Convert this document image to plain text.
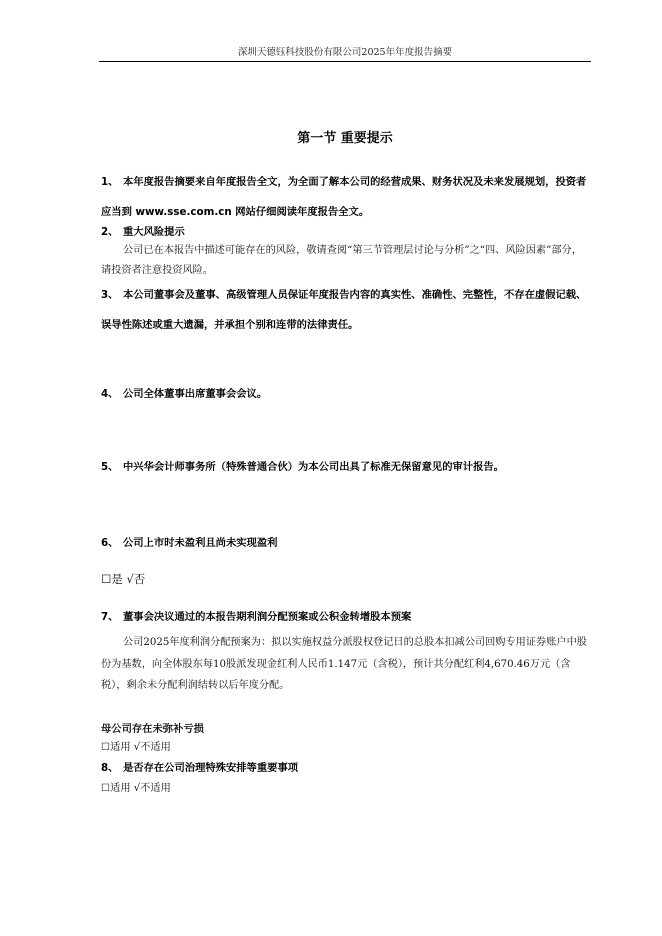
深圳天德钰科技股份有限公司2025年年度报告摘要
第一节 重要提示
1、 本年度报告摘要来自年度报告全文，为全面了解本公司的经营成果、财务状况及未来发展规划，投资者应当到 www.sse.com.cn 网站仔细阅读年度报告全文。
2、 重大风险提示
公司已在本报告中描述可能存在的风险，敬请查阅“第三节管理层讨论与分析”之“四、风险因素”部分，请投资者注意投资风险。
3、 本公司董事会及董事、高级管理人员保证年度报告内容的真实性、准确性、完整性，不存在虚假记载、误导性陈述或重大遗漏，并承担个别和连带的法律责任。
4、 公司全体董事出席董事会会议。
5、 中兴华会计师事务所（特殊普通合伙）为本公司出具了标准无保留意见的审计报告。
6、 公司上市时未盈利且尚未实现盈利
☐是 √否
7、 董事会决议通过的本报告期利润分配预案或公积金转增股本预案
公司2025年度利润分配预案为：拟以实施权益分派股权登记日的总股本扣减公司回购专用证券账户中股份为基数，向全体股东每10股派发现金红利人民币1.147元（含税），预计共分配红利4,670.46万元（含税），剩余未分配利润结转以后年度分配。
母公司存在未弥补亏损
☐适用 √不适用
8、 是否存在公司治理特殊安排等重要事项
☐适用 √不适用
